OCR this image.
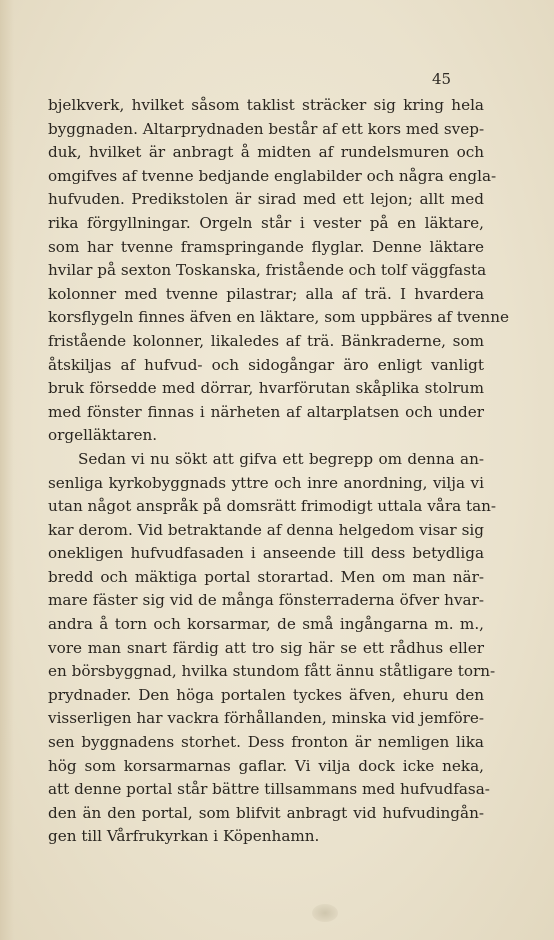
45
bjelkverk, hvilket såsom taklist sträcker sig kring hela
byggnaden. Altarprydnaden består af ett kors med svep-
duk, hvilket är anbragt å midten af rundelsmuren och
omgifves af tvenne bedjande englabilder och några engla-
hufvuden. Predikstolen är sirad med ett lejon; allt med
rika förgyllningar. Orgeln står i vester på en läktare,
som har tvenne framspringande flyglar. Denne läktare
hvilar på sexton Toskanska, fristående och tolf väggfasta
kolonner med tvenne pilastrar; alla af trä. I hvardera
korsflygeln finnes äfven en läktare, som uppbäres af tvenne
fristående kolonner, likaledes af trä. Bänkraderne, som
åtskiljas af hufvud- och sidogångar äro enligt vanligt
bruk försedde med dörrar, hvarförutan skåplika stolrum
med fönster finnas i närheten af altarplatsen och under
orgelläktaren.
Sedan vi nu sökt att gifva ett begrepp om denna an-
senliga kyrkobyggnads yttre och inre anordning, vilja vi
utan något anspråk på domsrätt frimodigt uttala våra tan-
kar derom. Vid betraktande af denna helgedom visar sig
onekligen hufvudfasaden i anseende till dess betydliga
bredd och mäktiga portal storartad. Men om man när-
mare fäster sig vid de många fönsterraderna öfver hvar-
andra å torn och korsarmar, de små ingångarna m. m.,
vore man snart färdig att tro sig här se ett rådhus eller
en börsbyggnad, hvilka stundom fått ännu ståtligare torn-
prydnader. Den höga portalen tyckes äfven, ehuru den
visserligen har vackra förhållanden, minska vid jemföre-
sen byggnadens storhet. Dess fronton är nemligen lika
hög som korsarmarnas gaflar. Vi vilja dock icke neka,
att denne portal står bättre tillsammans med hufvudfasa-
den än den portal, som blifvit anbragt vid hufvudingån-
gen till Vårfrukyrkan i Köpenhamn.
